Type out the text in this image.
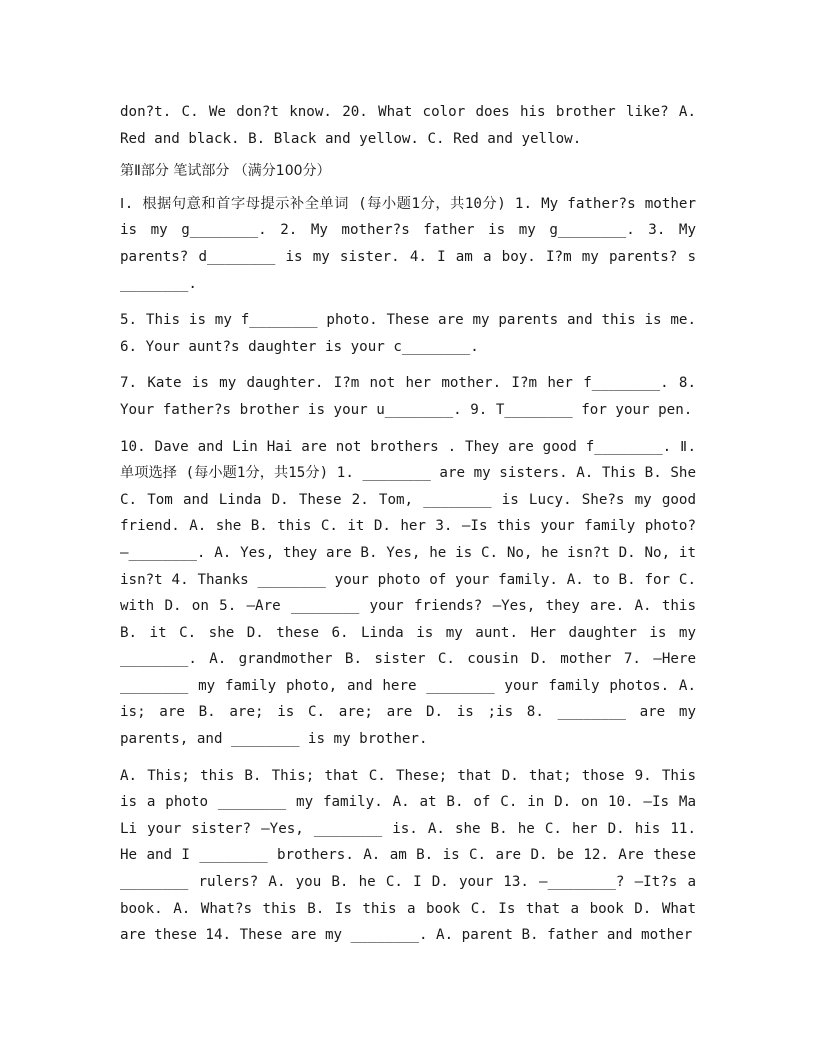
don?t. C. We don?t know. 20. What color does his brother like? A. Red and black. B. Black and yellow. C. Red and yellow.

第Ⅱ部分 笔试部分 （满分100分）

Ⅰ. 根据句意和首字母提示补全单词 (每小题1分，共10分) 1. My father?s mother is my g________. 2. My mother?s father is my g________. 3. My parents? d________ is my sister. 4. I am a boy. I?m my parents? s ________.

5. This is my f________ photo. These are my parents and this is me. 6. Your aunt?s daughter is your c________.

7. Kate is my daughter. I?m not her mother. I?m her f________. 8. Your father?s brother is your u________. 9. T________ for your pen.

10. Dave and Lin Hai are not brothers . They are good f________. Ⅱ. 单项选择 (每小题1分，共15分) 1. ________ are my sisters. A. This B. She C. Tom and Linda D. These 2. Tom, ________ is Lucy. She?s my good friend. A. she B. this C. it D. her 3. —Is this your family photo? —________. A. Yes, they are B. Yes, he is C. No, he isn?t D. No, it isn?t 4. Thanks ________ your photo of your family. A. to B. for C. with D. on 5. —Are ________ your friends? —Yes, they are. A. this B. it C. she D. these 6. Linda is my aunt. Her daughter is my ________. A. grandmother B. sister C. cousin D. mother 7. —Here ________ my family photo, and here ________ your family photos. A. is; are B. are; is C. are; are D. is ;is 8. ________ are my parents, and ________ is my brother.

A. This; this B. This; that C. These; that D. that; those 9. This is a photo ________ my family. A. at B. of C. in D. on 10. —Is Ma Li your sister? —Yes, ________ is. A. she B. he C. her D. his 11. He and I ________ brothers. A. am B. is C. are D. be 12. Are these ________ rulers? A. you B. he C. I D. your 13. —________? —It?s a book. A. What?s this B. Is this a book C. Is that a book D. What are these 14. These are my ________. A. parent B. father and mother
